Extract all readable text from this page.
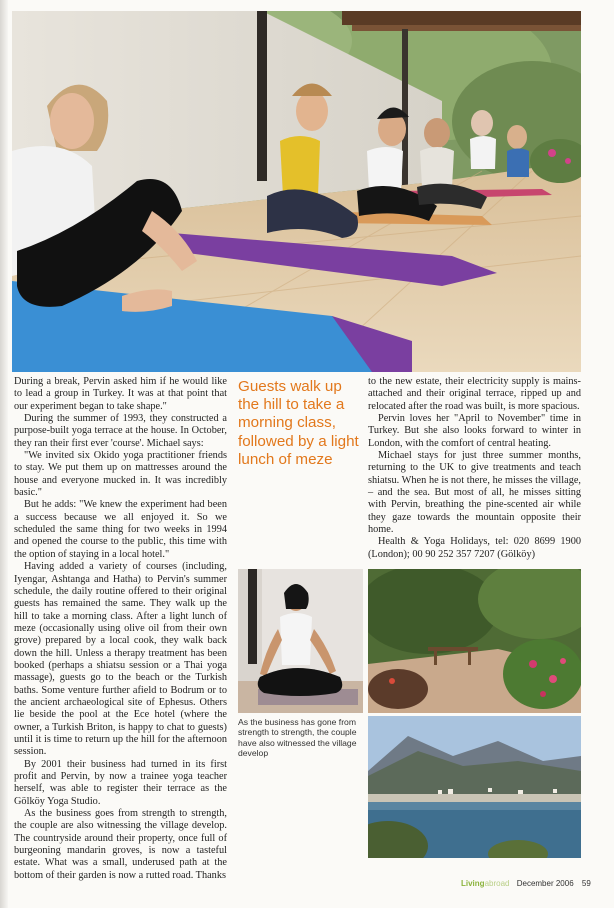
During a break, Pervin asked him if he would like to lead a group in Turkey. It was at that point that our experiment began to take shape."

During the summer of 1993, they constructed a purpose-built yoga terrace at the house. In October, they ran their first ever 'course'. Michael says:

"We invited six Okido yoga practitioner friends to stay. We put them up on mattresses around the house and everyone mucked in. It was incredibly basic."

But he adds: "We knew the experiment had been a success because we all enjoyed it. So we scheduled the same thing for two weeks in 1994 and opened the course to the public, this time with the option of staying in a local hotel."

Having added a variety of courses (including, Iyengar, Ashtanga and Hatha) to Pervin's summer schedule, the daily routine offered to their original guests has remained the same. They walk up the hill to take a morning class. After a light lunch of meze (occasionally using olive oil from their own grove) prepared by a local cook, they walk back down the hill. Unless a therapy treatment has been booked (perhaps a shiatsu session or a Thai yoga massage), guests go to the beach or the Turkish baths. Some venture further afield to Bodrum or to the ancient archaeological site of Ephesus. Others lie beside the pool at the Ece hotel (where the owner, a Turkish Briton, is happy to chat to guests) until it is time to return up the hill for the afternoon session.

By 2001 their business had turned in its first profit and Pervin, by now a trainee yoga teacher herself, was able to register their terrace as the Gölköy Yoga Studio.

As the business goes from strength to strength, the couple are also witnessing the village develop. The countryside around their property, once full of burgeoning mandarin groves, is now a tasteful estate. What was a small, underused path at the bottom of their garden is now a rutted road. Thanks

Guests walk up the hill to take a morning class, followed by a light lunch of meze

to the new estate, their electricity supply is mains-attached and their original terrace, ripped up and relocated after the road was built, is more spacious.

Pervin loves her "April to November" time in Turkey. But she also looks forward to winter in London, with the comfort of central heating.

Michael stays for just three summer months, returning to the UK to give treatments and teach shiatsu. When he is not there, he misses the village, – and the sea. But most of all, he misses sitting with Pervin, breathing the pine-scented air while they gaze towards the mountain opposite their home.

Health & Yoga Holidays, tel: 020 8699 1900 (London); 00 90 252 357 7207 (Gölköy)

As the business has gone from strength to strength, the couple have also witnessed the village develop
Livingabroad December 2006 59
